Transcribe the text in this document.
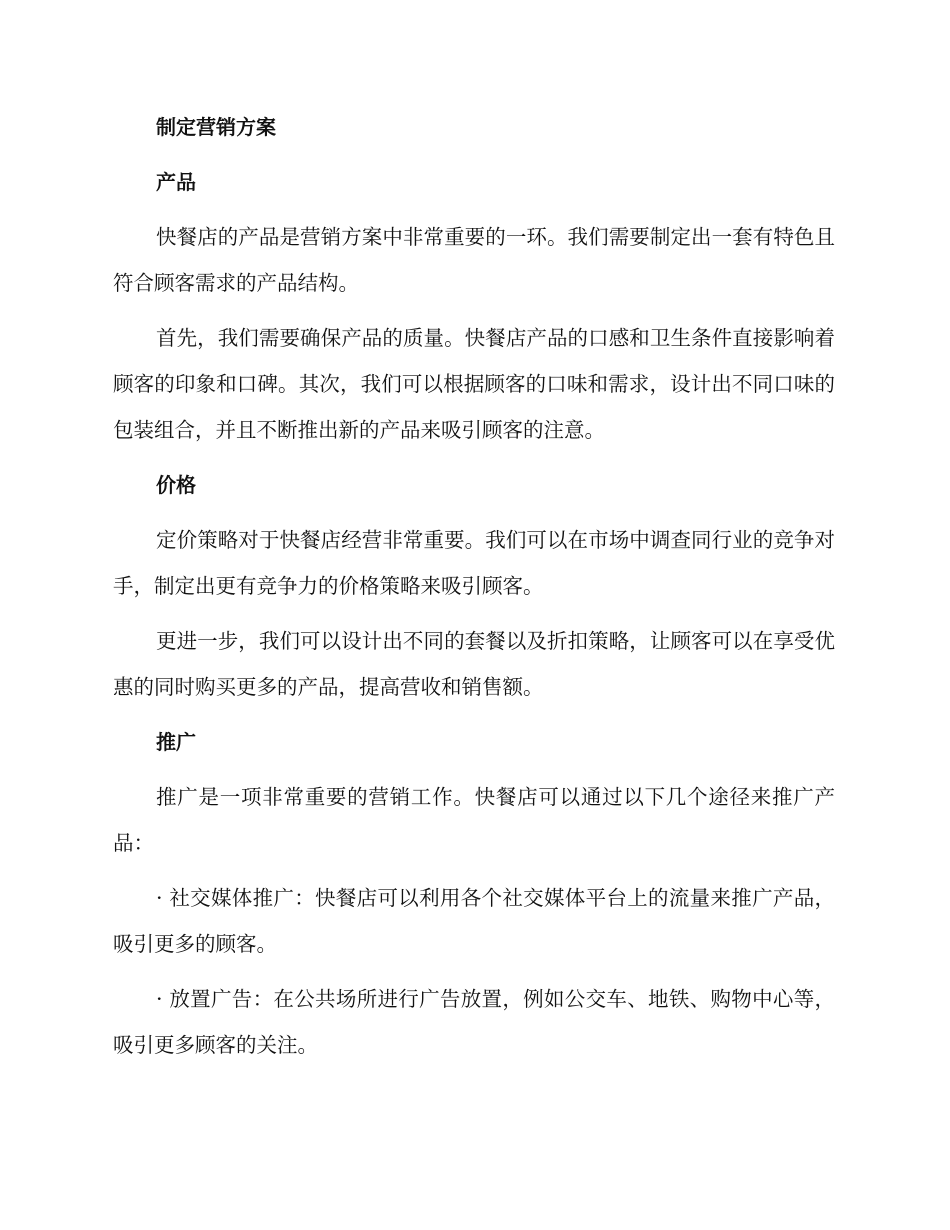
制定营销方案
产品

快餐店的产品是营销方案中非常重要的一环。我们需要制定出一套有特色且符合顾客需求的产品结构。

首先，我们需要确保产品的质量。快餐店产品的口感和卫生条件直接影响着顾客的印象和口碑。其次，我们可以根据顾客的口味和需求，设计出不同口味的包装组合，并且不断推出新的产品来吸引顾客的注意。

价格

定价策略对于快餐店经营非常重要。我们可以在市场中调查同行业的竞争对手，制定出更有竞争力的价格策略来吸引顾客。

更进一步，我们可以设计出不同的套餐以及折扣策略，让顾客可以在享受优惠的同时购买更多的产品，提高营收和销售额。

推广

推广是一项非常重要的营销工作。快餐店可以通过以下几个途径来推广产品：

· 社交媒体推广：快餐店可以利用各个社交媒体平台上的流量来推广产品，吸引更多的顾客。

· 放置广告：在公共场所进行广告放置，例如公交车、地铁、购物中心等，吸引更多顾客的关注。
